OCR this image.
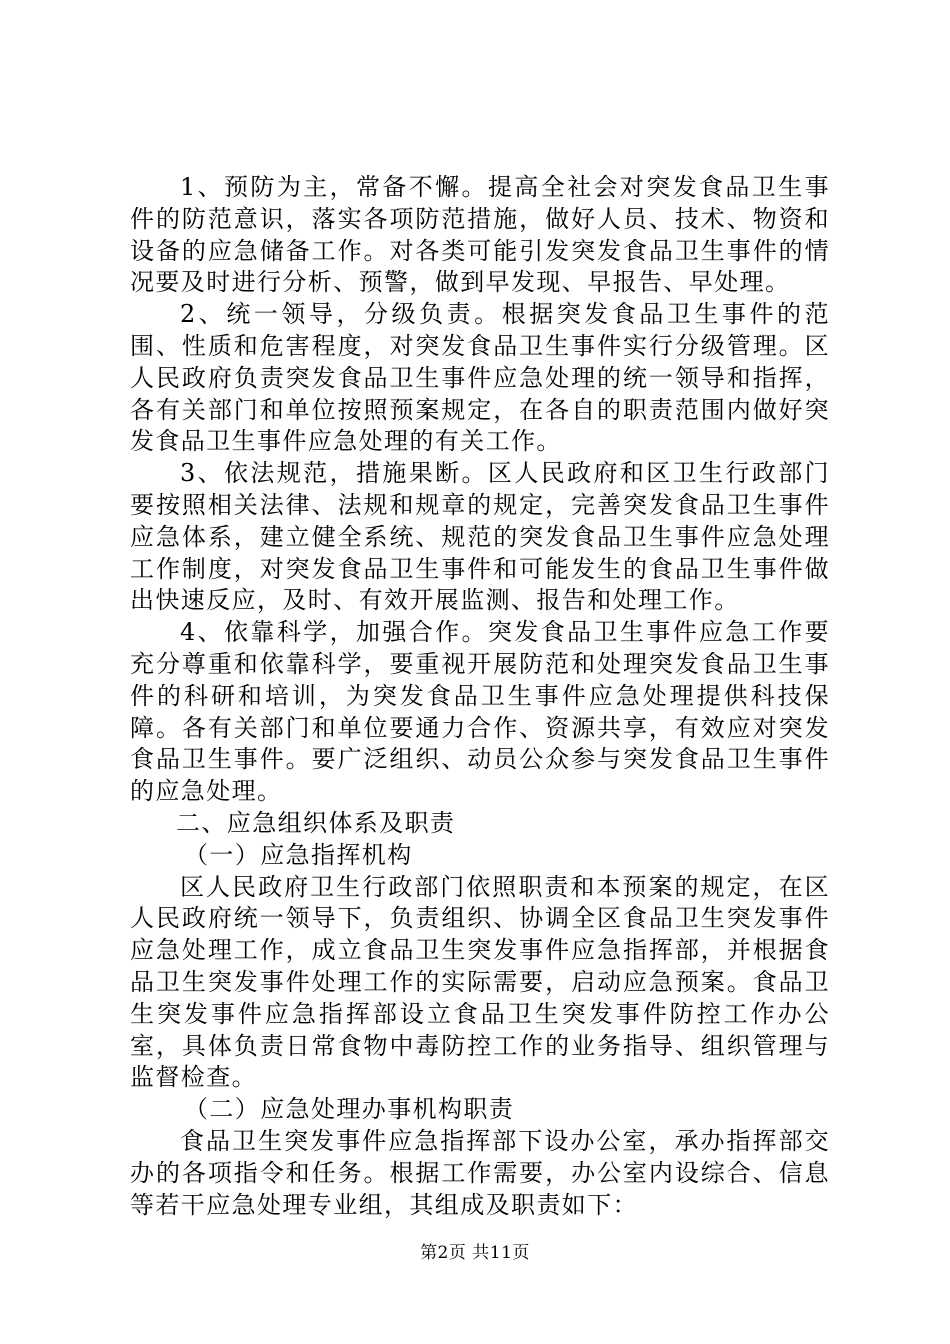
1、预防为主，常备不懈。提高全社会对突发食品卫生事件的防范意识，落实各项防范措施，做好人员、技术、物资和设备的应急储备工作。对各类可能引发突发食品卫生事件的情况要及时进行分析、预警，做到早发现、早报告、早处理。

2、统一领导，分级负责。根据突发食品卫生事件的范围、性质和危害程度，对突发食品卫生事件实行分级管理。区人民政府负责突发食品卫生事件应急处理的统一领导和指挥，各有关部门和单位按照预案规定，在各自的职责范围内做好突发食品卫生事件应急处理的有关工作。

3、依法规范，措施果断。区人民政府和区卫生行政部门要按照相关法律、法规和规章的规定，完善突发食品卫生事件应急体系，建立健全系统、规范的突发食品卫生事件应急处理工作制度，对突发食品卫生事件和可能发生的食品卫生事件做出快速反应，及时、有效开展监测、报告和处理工作。

4、依靠科学，加强合作。突发食品卫生事件应急工作要充分尊重和依靠科学，要重视开展防范和处理突发食品卫生事件的科研和培训，为突发食品卫生事件应急处理提供科技保障。各有关部门和单位要通力合作、资源共享，有效应对突发食品卫生事件。要广泛组织、动员公众参与突发食品卫生事件的应急处理。

二、应急组织体系及职责

（一）应急指挥机构

区人民政府卫生行政部门依照职责和本预案的规定，在区人民政府统一领导下，负责组织、协调全区食品卫生突发事件应急处理工作，成立食品卫生突发事件应急指挥部，并根据食品卫生突发事件处理工作的实际需要，启动应急预案。食品卫生突发事件应急指挥部设立食品卫生突发事件防控工作办公室，具体负责日常食物中毒防控工作的业务指导、组织管理与监督检查。

（二）应急处理办事机构职责

食品卫生突发事件应急指挥部下设办公室，承办指挥部交办的各项指令和任务。根据工作需要，办公室内设综合、信息等若干应急处理专业组，其组成及职责如下：

第2页 共11页
